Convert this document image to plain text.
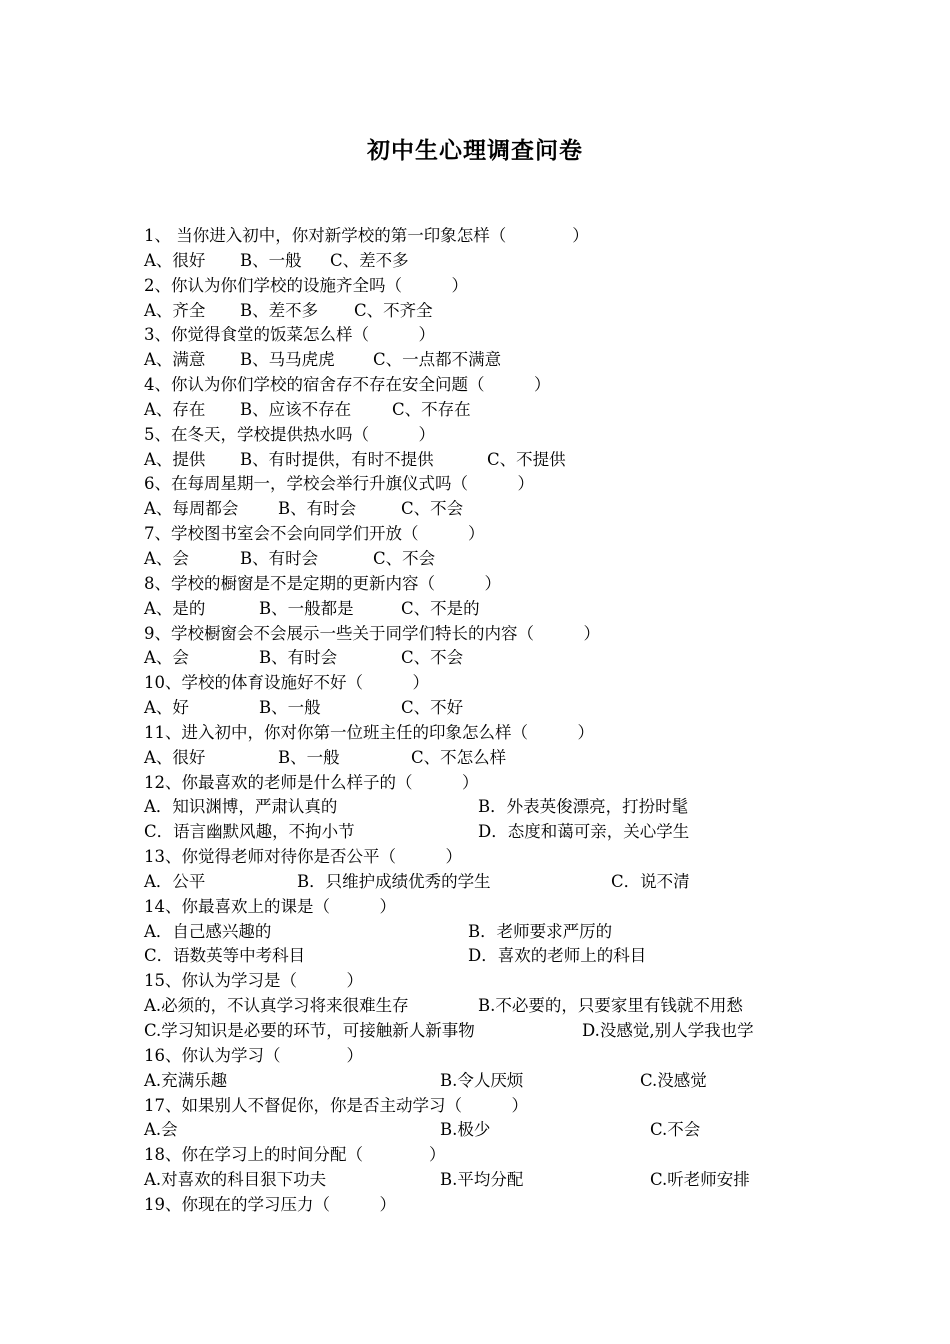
初中生心理调查问卷
1、 当你进入初中，你对新学校的第一印象怎样（　　　　）
A、很好 B、一般 C、差不多
2、你认为你们学校的设施齐全吗（　　　）
A、齐全 B、差不多 C、不齐全
3、你觉得食堂的饭菜怎么样（　　　）
A、满意 B、马马虎虎 C、一点都不满意
4、你认为你们学校的宿舍存不存在安全问题（　　　）
A、存在 B、应该不存在 C、不存在
5、在冬天，学校提供热水吗（　　　）
A、提供 B、有时提供，有时不提供	C、不提供
6、在每周星期一，学校会举行升旗仪式吗（　　　）
A、每周都会 B、有时会	C、不会
7、学校图书室会不会向同学们开放（　　　）
A、会	B、有时会	C、不会
8、学校的橱窗是不是定期的更新内容（　　　）
A、是的	B、一般都是	C、不是的
9、学校橱窗会不会展示一些关于同学们特长的内容（　　　）
A、会	B、有时会	C、不会
10、学校的体育设施好不好（　　　）
A、好	B、一般	C、不好
11、进入初中，你对你第一位班主任的印象怎么样（　　　）
A、很好	B、一般	C、不怎么样
12、你最喜欢的老师是什么样子的（　　　）
A．知识渊博，严肃认真的	B．外表英俊漂亮，打扮时髦
C．语言幽默风趣，不拘小节	D．态度和蔼可亲，关心学生
13、你觉得老师对待你是否公平（　　　）
A．公平	B．只维护成绩优秀的学生	C．说不清
14、你最喜欢上的课是（　　　）
A．自己感兴趣的	B．老师要求严厉的
C．语数英等中考科目	D．喜欢的老师上的科目
15、你认为学习是（　　　）
A.必须的，不认真学习将来很难生存	B.不必要的，只要家里有钱就不用愁
C.学习知识是必要的环节，可接触新人新事物	D.没感觉,别人学我也学
16、你认为学习（　　　　）
A.充满乐趣	B.令人厌烦	C.没感觉
17、如果别人不督促你，你是否主动学习（　　　）
A.会	B.极少	C.不会
18、你在学习上的时间分配（　　　　）
A.对喜欢的科目狠下功夫	B.平均分配	C.听老师安排
19、你现在的学习压力（　　　）
